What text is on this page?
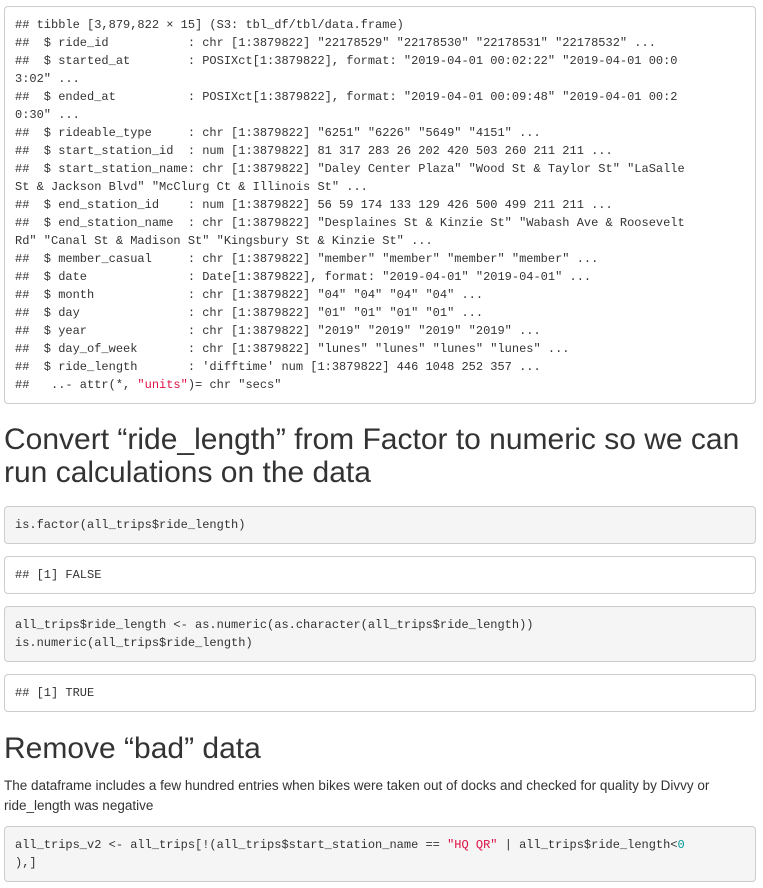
## tibble [3,879,822 × 15] (S3: tbl_df/tbl/data.frame)
##  $ ride_id           : chr [1:3879822] "22178529" "22178530" "22178531" "22178532" ...
##  $ started_at        : POSIXct[1:3879822], format: "2019-04-01 00:02:22" "2019-04-01 00:0
3:02" ...
##  $ ended_at          : POSIXct[1:3879822], format: "2019-04-01 00:09:48" "2019-04-01 00:2
0:30" ...
##  $ rideable_type     : chr [1:3879822] "6251" "6226" "5649" "4151" ...
##  $ start_station_id  : num [1:3879822] 81 317 283 26 202 420 503 260 211 211 ...
##  $ start_station_name: chr [1:3879822] "Daley Center Plaza" "Wood St & Taylor St" "LaSalle
St & Jackson Blvd" "McClurg Ct & Illinois St" ...
##  $ end_station_id    : num [1:3879822] 56 59 174 133 129 426 500 499 211 211 ...
##  $ end_station_name  : chr [1:3879822] "Desplaines St & Kinzie St" "Wabash Ave & Roosevelt
Rd" "Canal St & Madison St" "Kingsbury St & Kinzie St" ...
##  $ member_casual     : chr [1:3879822] "member" "member" "member" "member" ...
##  $ date              : Date[1:3879822], format: "2019-04-01" "2019-04-01" ...
##  $ month             : chr [1:3879822] "04" "04" "04" "04" ...
##  $ day               : chr [1:3879822] "01" "01" "01" "01" ...
##  $ year              : chr [1:3879822] "2019" "2019" "2019" "2019" ...
##  $ day_of_week       : chr [1:3879822] "lunes" "lunes" "lunes" "lunes" ...
##  $ ride_length       : 'difftime' num [1:3879822] 446 1048 252 357 ...
##   ..- attr(*, "units")= chr "secs"
Convert “ride_length” from Factor to numeric so we can run calculations on the data
is.factor(all_trips$ride_length)
## [1] FALSE
all_trips$ride_length <- as.numeric(as.character(all_trips$ride_length))
is.numeric(all_trips$ride_length)
## [1] TRUE
Remove “bad” data

The dataframe includes a few hundred entries when bikes were taken out of docks and checked for quality by Divvy or ride_length was negative

all_trips_v2 <- all_trips[!(all_trips$start_station_name == "HQ QR" | all_trips$ride_length<0
),]
